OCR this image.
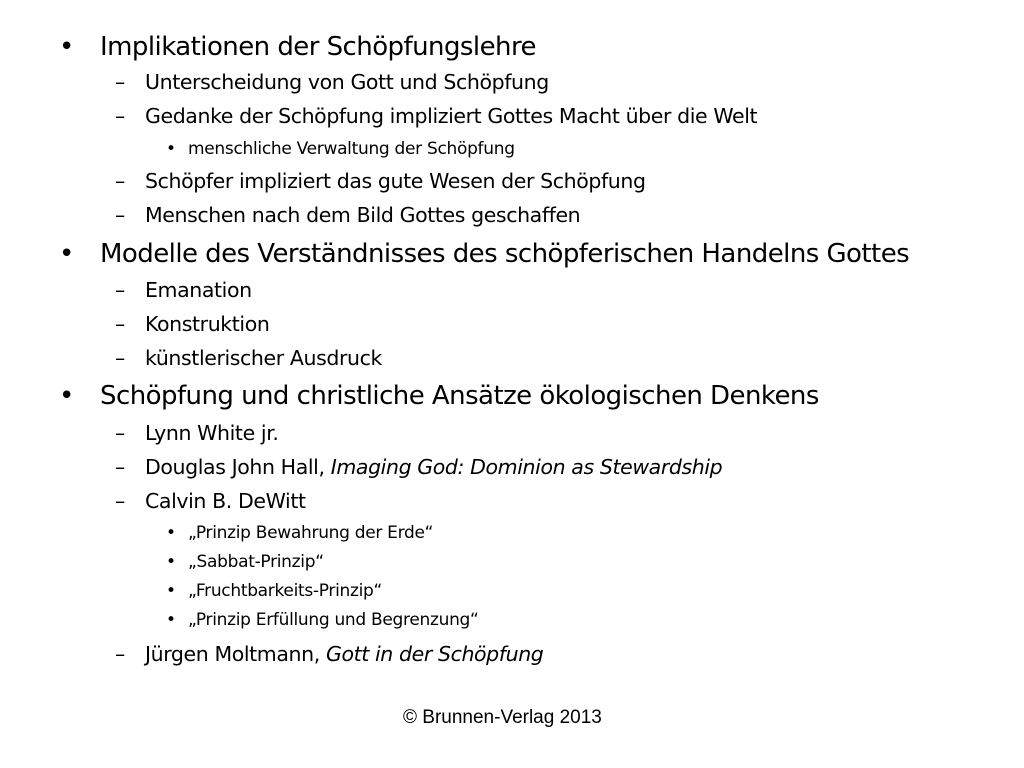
• Implikationen der Schöpfungslehre
– Unterscheidung von Gott und Schöpfung
– Gedanke der Schöpfung impliziert Gottes Macht über die Welt
• menschliche Verwaltung der Schöpfung
– Schöpfer impliziert das gute Wesen der Schöpfung
– Menschen nach dem Bild Gottes geschaffen
• Modelle des Verständnisses des schöpferischen Handelns Gottes
– Emanation
– Konstruktion
– künstlerischer Ausdruck
• Schöpfung und christliche Ansätze ökologischen Denkens
– Lynn White jr.
– Douglas John Hall, Imaging God: Dominion as Stewardship
– Calvin B. DeWitt
• „Prinzip Bewahrung der Erde“
• „Sabbat-Prinzip“
• „Fruchtbarkeits-Prinzip“
• „Prinzip Erfüllung und Begrenzung“
– Jürgen Moltmann, Gott in der Schöpfung
© Brunnen-Verlag 2013
